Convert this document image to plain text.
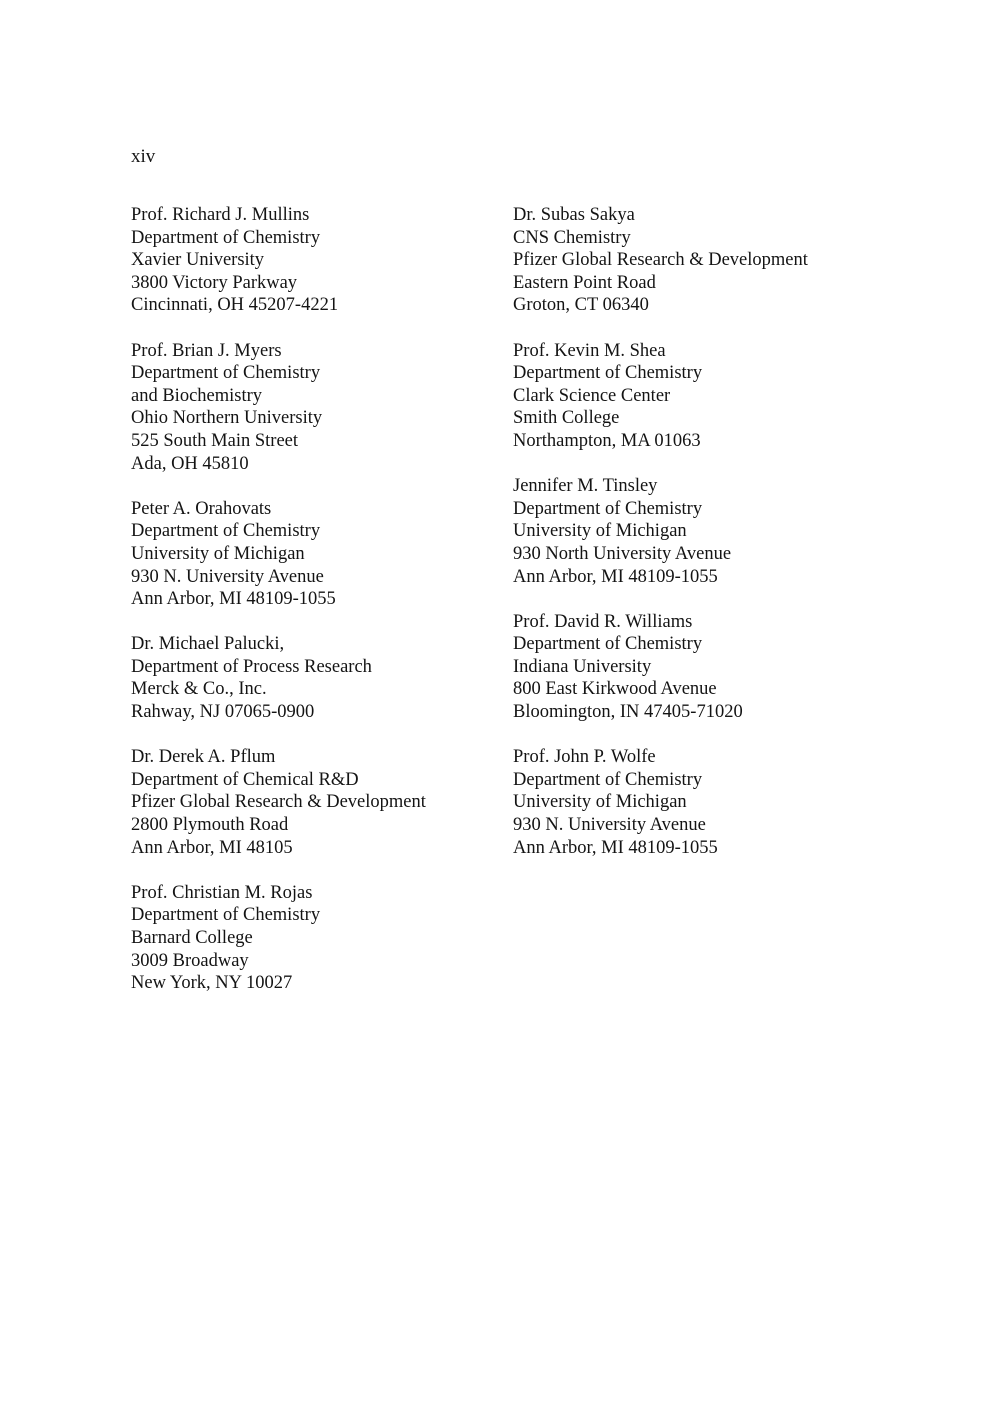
xiv
Prof. Richard J. Mullins
Department of Chemistry
Xavier University
3800 Victory Parkway
Cincinnati, OH 45207-4221
Prof. Brian J. Myers
Department of Chemistry
and Biochemistry
Ohio Northern University
525 South Main Street
Ada, OH 45810
Peter A. Orahovats
Department of Chemistry
University of Michigan
930 N. University Avenue
Ann Arbor, MI 48109-1055
Dr. Michael Palucki,
Department of Process Research
Merck & Co., Inc.
Rahway, NJ 07065-0900
Dr. Derek A. Pflum
Department of Chemical R&D
Pfizer Global Research & Development
2800 Plymouth Road
Ann Arbor, MI 48105
Prof. Christian M. Rojas
Department of Chemistry
Barnard College
3009 Broadway
New York, NY 10027
Dr. Subas Sakya
CNS Chemistry
Pfizer Global Research & Development
Eastern Point Road
Groton, CT 06340
Prof. Kevin M. Shea
Department of Chemistry
Clark Science Center
Smith College
Northampton, MA 01063
Jennifer M. Tinsley
Department of Chemistry
University of Michigan
930 North University Avenue
Ann Arbor, MI 48109-1055
Prof. David R. Williams
Department of Chemistry
Indiana University
800 East Kirkwood Avenue
Bloomington, IN 47405-71020
Prof. John P. Wolfe
Department of Chemistry
University of Michigan
930 N. University Avenue
Ann Arbor, MI 48109-1055
